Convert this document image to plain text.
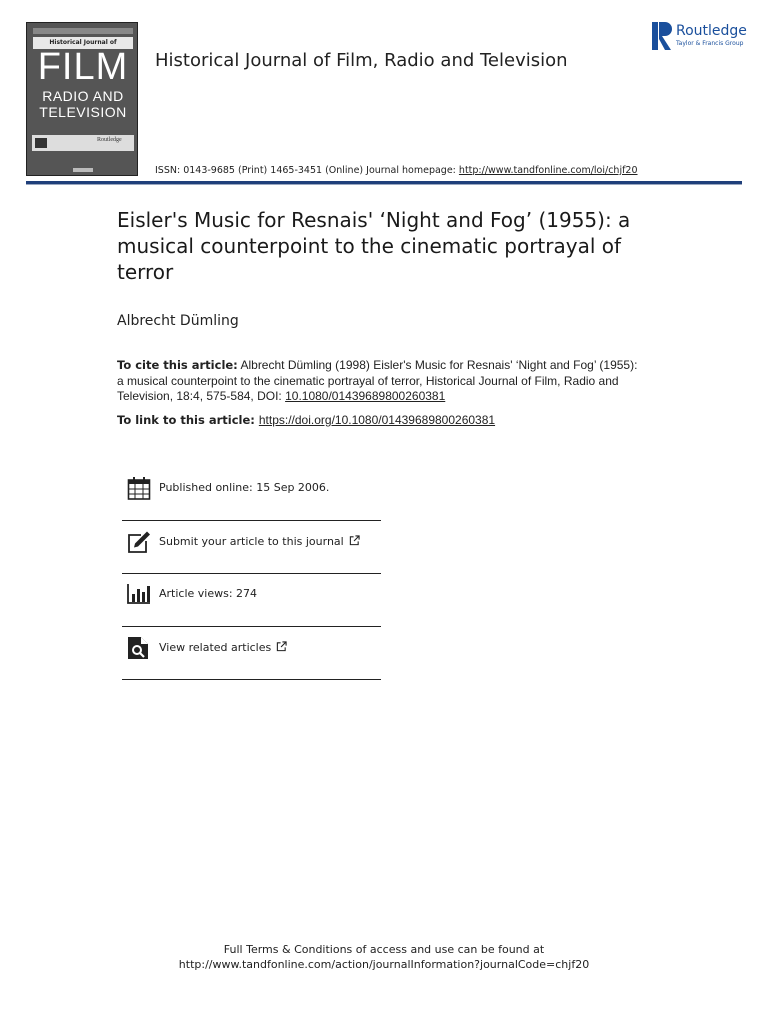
Historical Journal of
FILM
RADIO AND
TELEVISION
Routledge
Historical Journal of Film, Radio and Television
Routledge
Taylor & Francis Group
ISSN: 0143-9685 (Print) 1465-3451 (Online) Journal homepage: http://www.tandfonline.com/loi/chjf20
Eisler's Music for Resnais' ‘Night and Fog’ (1955): a musical counterpoint to the cinematic portrayal of terror
Albrecht Dümling
To cite this article: Albrecht Dümling (1998) Eisler's Music for Resnais' ‘Night and Fog’ (1955): a musical counterpoint to the cinematic portrayal of terror, Historical Journal of Film, Radio and Television, 18:4, 575-584, DOI: 10.1080/01439689800260381
To link to this article: https://doi.org/10.1080/01439689800260381
Published online: 15 Sep 2006.
Submit your article to this journal
Article views: 274
View related articles
Full Terms & Conditions of access and use can be found at
http://www.tandfonline.com/action/journalInformation?journalCode=chjf20
